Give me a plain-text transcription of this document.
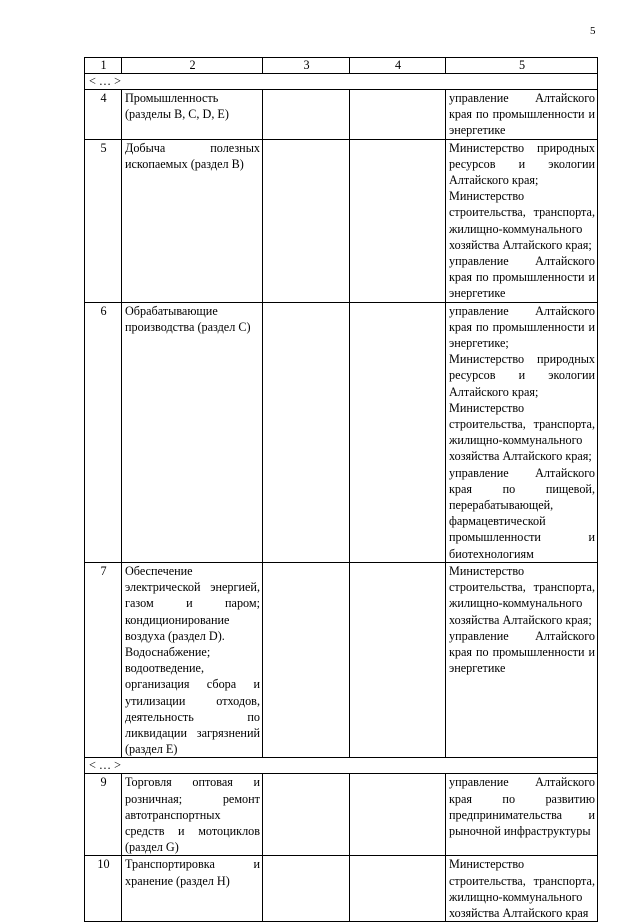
5
1	2	3	4	5
< … >				
4	Промышленность (разделы B, C, D, E)			управление Алтайского края по промышленности и энергетике

5	Добыча полезных ископаемых (раздел B)			Министерство природных ресурсов и экологии Алтайского края;
Министерство строительства, транспорта, жилищно-коммунального хозяйства Алтайского края;
управление Алтайского края по промышленности и энергетике

6	Обрабатывающие производства (раздел C)			управление Алтайского края по промышленности и энергетике;
Министерство природных ресурсов и экологии Алтайского края;
Министерство строительства, транспорта, жилищно-коммунального хозяйства Алтайского края;
управление Алтайского края по пищевой, перерабатывающей, фармацевтической промышленности и биотехнологиям

7	Обеспечение электрической энергией, газом и паром; кондиционирование воздуха (раздел D).
Водоснабжение; водоотведение, организация сбора и утилизации отходов, деятельность по ликвидации загрязнений (раздел E)			Министерство строительства, транспорта, жилищно-коммунального хозяйства Алтайского края;
управление Алтайского края по промышленности и энергетике

< … >				
9	Торговля оптовая и розничная; ремонт автотранспортных средств и мотоциклов (раздел G)			управление Алтайского края по развитию предпринимательства и рыночной инфраструктуры

10	Транспортировка и хранение (раздел H)			Министерство строительства, транспорта, жилищно-коммунального хозяйства Алтайского края
